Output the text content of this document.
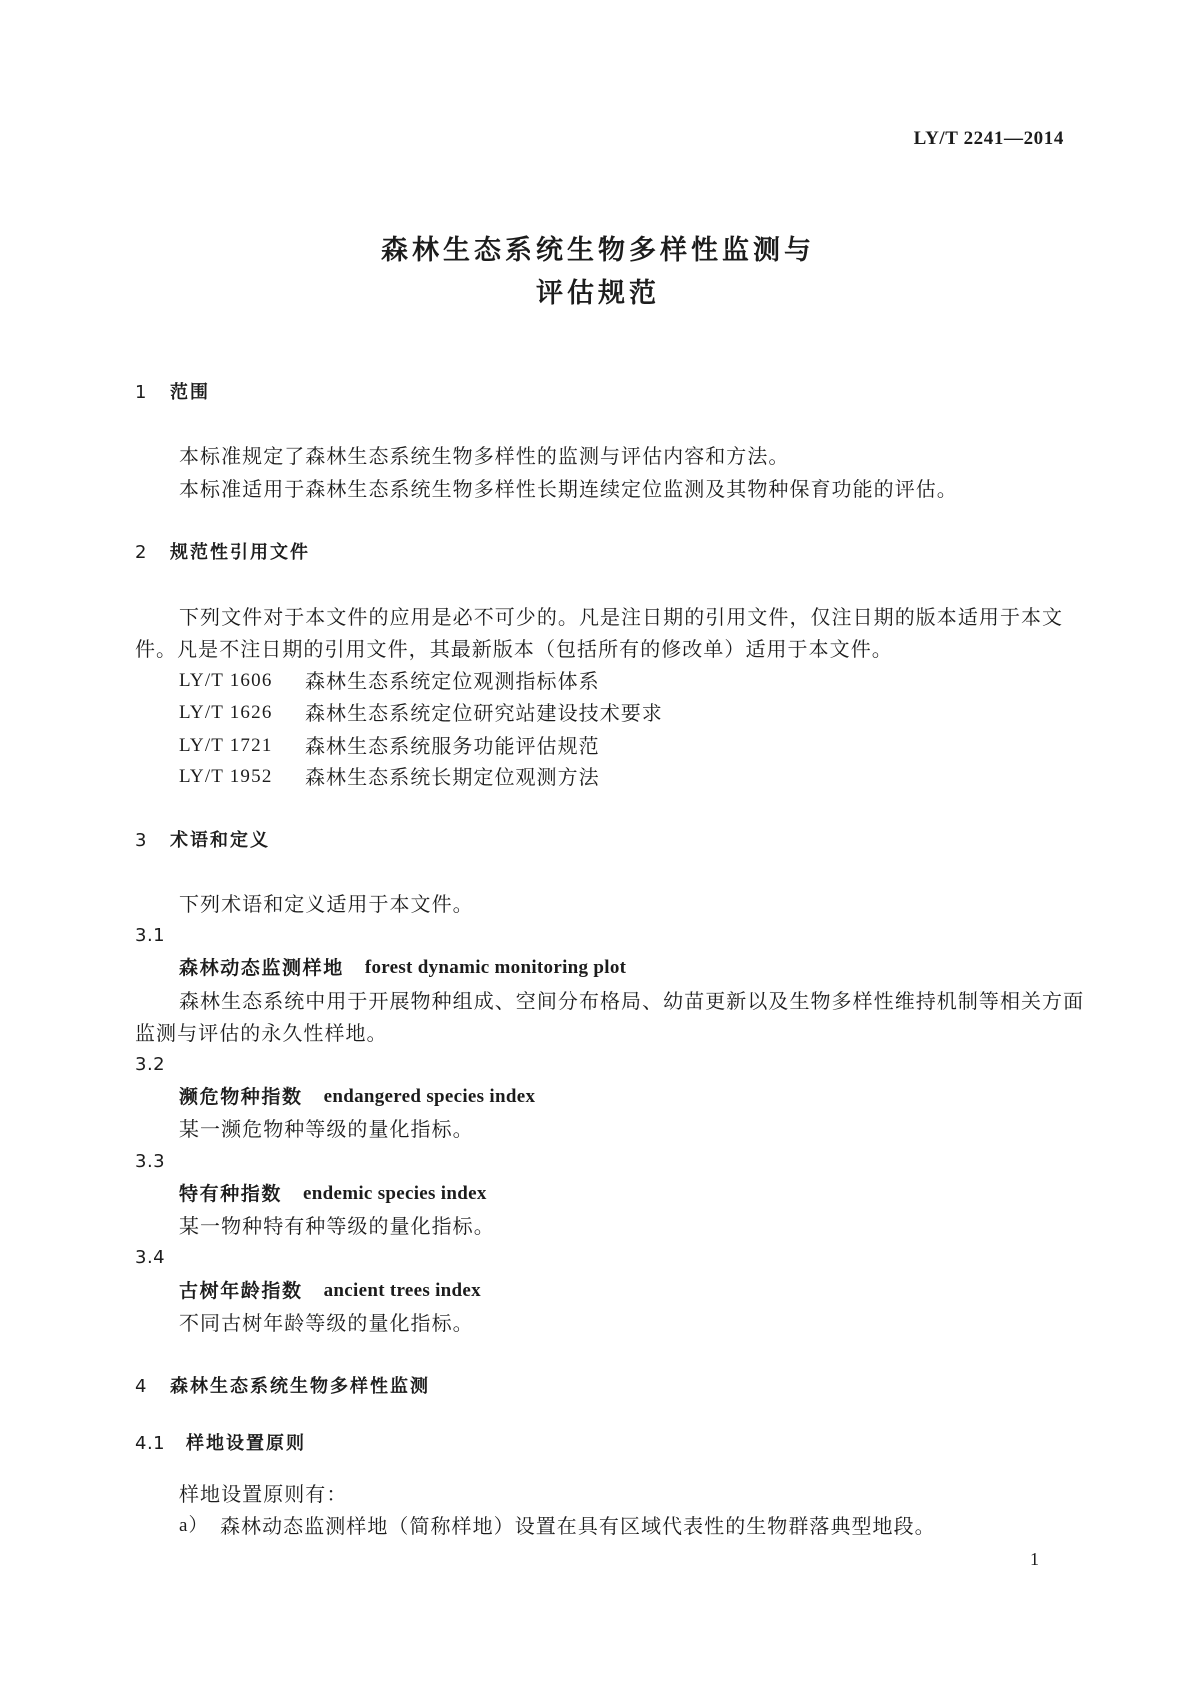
LY/T 2241—2014
森林生态系统生物多样性监测与
评估规范
1	范围
本标准规定了森林生态系统生物多样性的监测与评估内容和方法。
本标准适用于森林生态系统生物多样性长期连续定位监测及其物种保育功能的评估。
2	规范性引用文件
下列文件对于本文件的应用是必不可少的。凡是注日期的引用文件，仅注日期的版本适用于本文
件。凡是不注日期的引用文件，其最新版本（包括所有的修改单）适用于本文件。
LY/T 1606	森林生态系统定位观测指标体系
LY/T 1626	森林生态系统定位研究站建设技术要求
LY/T 1721	森林生态系统服务功能评估规范
LY/T 1952	森林生态系统长期定位观测方法
3	术语和定义
下列术语和定义适用于本文件。
3.1
森林动态监测样地 forest dynamic monitoring plot
森林生态系统中用于开展物种组成、空间分布格局、幼苗更新以及生物多样性维持机制等相关方面
监测与评估的永久性样地。
3.2
濒危物种指数 endangered species index
某一濒危物种等级的量化指标。
3.3
特有种指数 endemic species index
某一物种特有种等级的量化指标。
3.4
古树年龄指数 ancient trees index
不同古树年龄等级的量化指标。
4	森林生态系统生物多样性监测
4.1	样地设置原则
样地设置原则有：
a） 森林动态监测样地（简称样地）设置在具有区域代表性的生物群落典型地段。
1
